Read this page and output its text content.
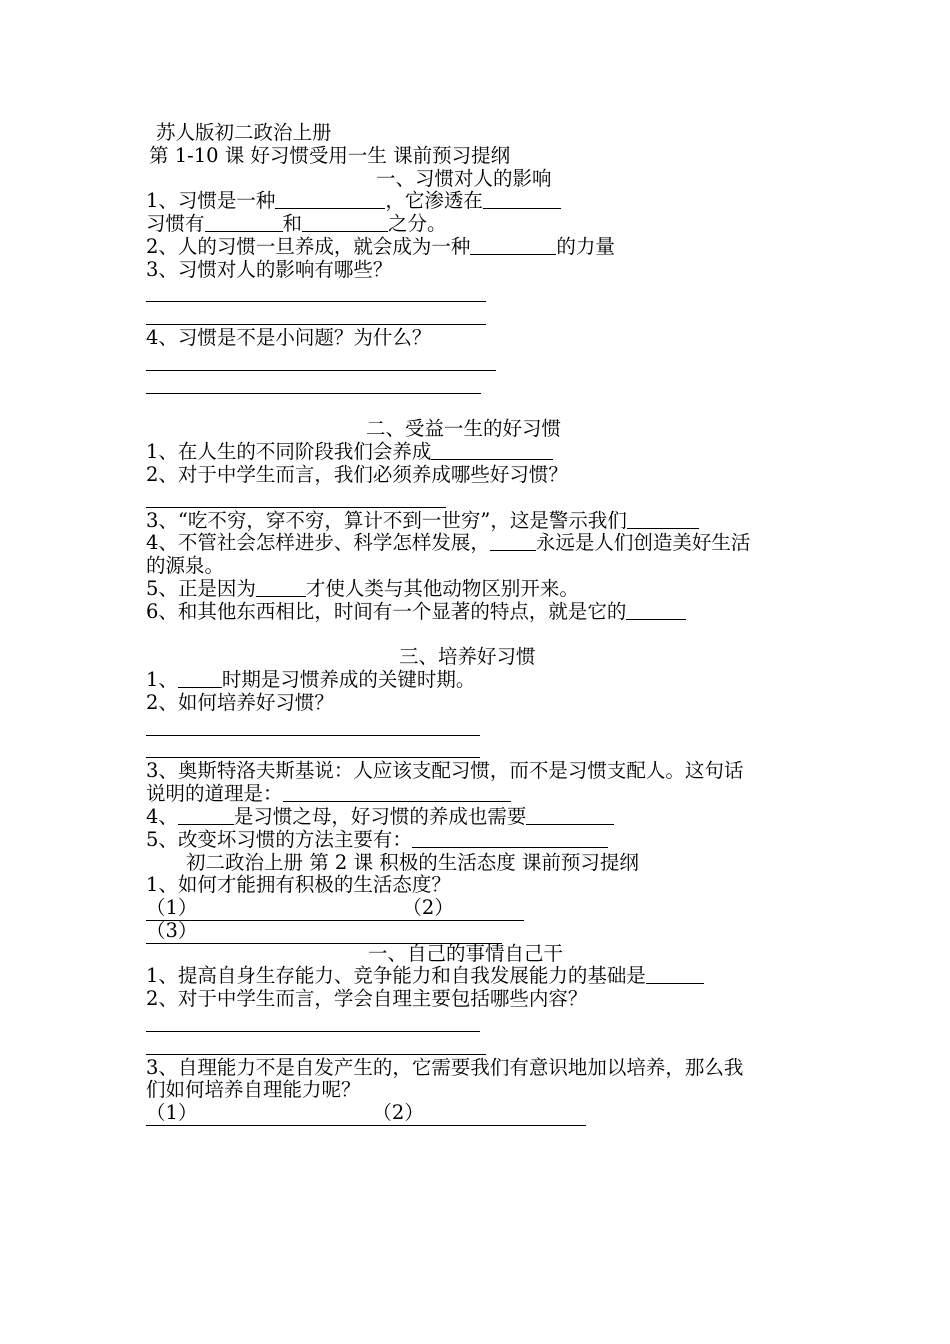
苏人版初二政治上册
第 1-10 课 好习惯受用一生 课前预习提纲
一、习惯对人的影响
1、习惯是一种	，它渗透在
习惯有	和	之分。
2、人的习惯一旦养成，就会成为一种	的力量
3、习惯对人的影响有哪些？
4、习惯是不是小问题？为什么？
二、受益一生的好习惯
1、在人生的不同阶段我们会养成
2、对于中学生而言，我们必须养成哪些好习惯？
3、“吃不穷，穿不穷，算计不到一世穷”，这是警示我们
4、不管社会怎样进步、科学怎样发展， 永远是人们创造美好生活
的源泉。
5、正是因为	才使人类与其他动物区别开来。
6、和其他东西相比，时间有一个显著的特点，就是它的
三、培养好习惯
1、 时期是习惯养成的关键时期。
2、如何培养好习惯？
3、奥斯特洛夫斯基说：人应该支配习惯，而不是习惯支配人。这句话
说明的道理是：
4、	是习惯之母，好习惯的养成也需要
5、改变坏习惯的方法主要有：
初二政治上册 第 2 课 积极的生活态度 课前预习提纲
1、如何才能拥有积极的生活态度？
（1）	（2）
（3）
一、自己的事情自己干
1、提高自身生存能力、竞争能力和自我发展能力的基础是
2、对于中学生而言，学会自理主要包括哪些内容？
3、自理能力不是自发产生的，它需要我们有意识地加以培养，那么我
们如何培养自理能力呢？
（1）	（2）
